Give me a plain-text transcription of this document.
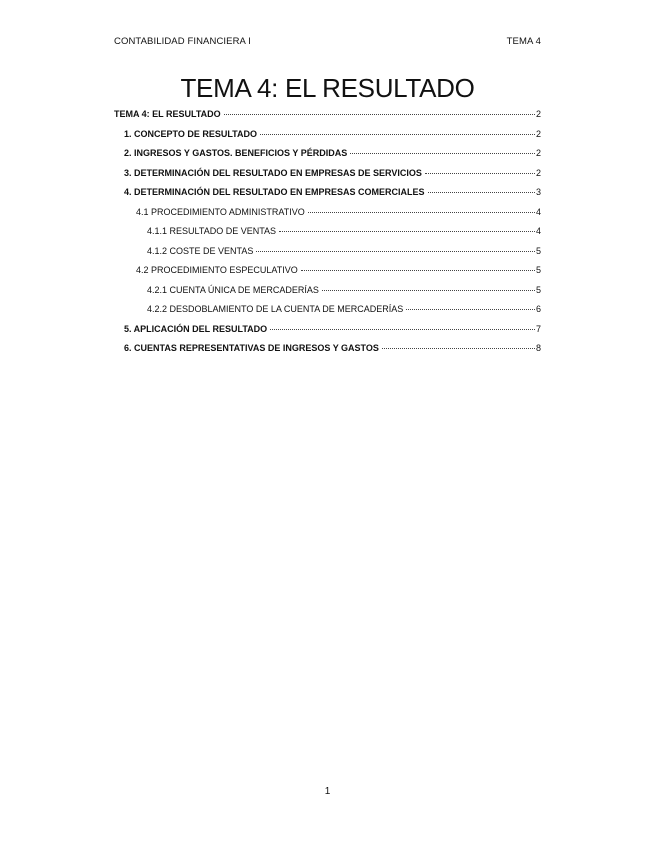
CONTABILIDAD FINANCIERA I	TEMA 4
TEMA 4: EL RESULTADO
TEMA 4: EL RESULTADO	2
1. CONCEPTO DE RESULTADO	2
2. INGRESOS Y GASTOS. BENEFICIOS Y PÉRDIDAS	2
3. DETERMINACIÓN DEL RESULTADO EN EMPRESAS DE SERVICIOS	2
4. DETERMINACIÓN DEL RESULTADO EN EMPRESAS COMERCIALES	3
4.1 PROCEDIMIENTO ADMINISTRATIVO	4
4.1.1 RESULTADO DE VENTAS	4
4.1.2 COSTE DE VENTAS	5
4.2 PROCEDIMIENTO ESPECULATIVO	5
4.2.1 CUENTA ÚNICA DE MERCADERÍAS	5
4.2.2 DESDOBLAMIENTO DE LA CUENTA DE MERCADERÍAS	6
5. APLICACIÓN DEL RESULTADO	7
6. CUENTAS REPRESENTATIVAS DE INGRESOS Y GASTOS	8
1
